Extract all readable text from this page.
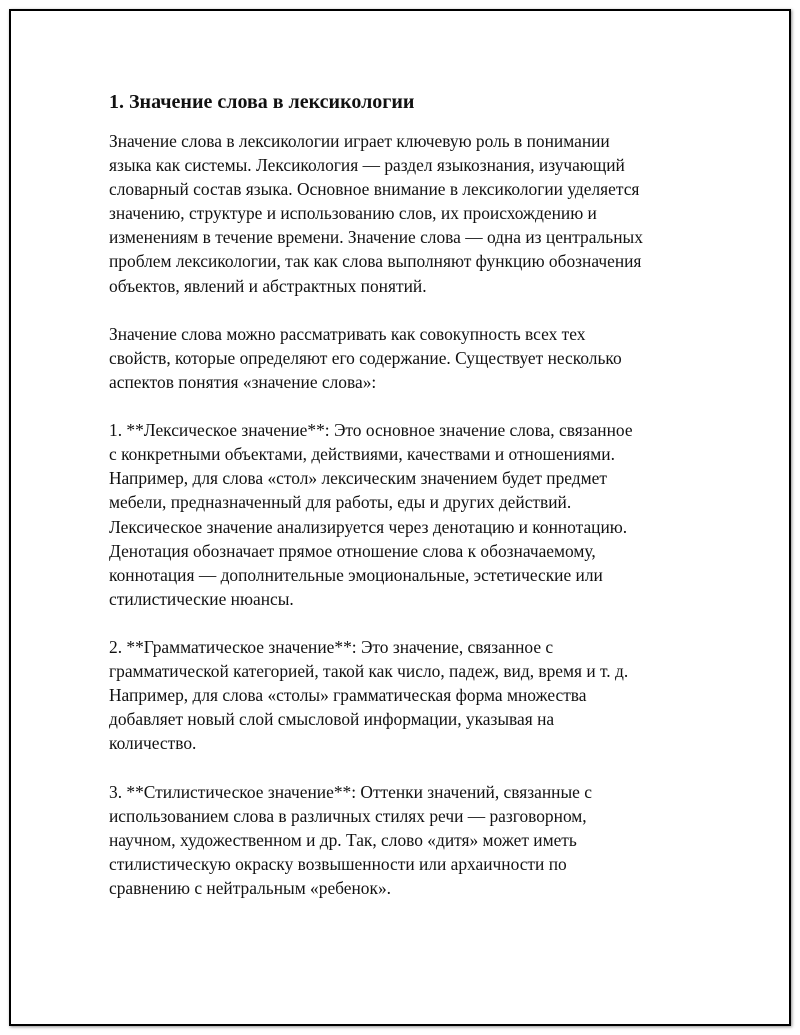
1. Значение слова в лексикологии
Значение слова в лексикологии играет ключевую роль в понимании
языка как системы. Лексикология — раздел языкознания, изучающий
словарный состав языка. Основное внимание в лексикологии уделяется
значению, структуре и использованию слов, их происхождению и
изменениям в течение времени. Значение слова — одна из центральных
проблем лексикологии, так как слова выполняют функцию обозначения
объектов, явлений и абстрактных понятий.
Значение слова можно рассматривать как совокупность всех тех
свойств, которые определяют его содержание. Существует несколько
аспектов понятия «значение слова»:
1. **Лексическое значение**: Это основное значение слова, связанное
с конкретными объектами, действиями, качествами и отношениями.
Например, для слова «стол» лексическим значением будет предмет
мебели, предназначенный для работы, еды и других действий.
Лексическое значение анализируется через денотацию и коннотацию.
Денотация обозначает прямое отношение слова к обозначаемому,
коннотация — дополнительные эмоциональные, эстетические или
стилистические нюансы.
2. **Грамматическое значение**: Это значение, связанное с
грамматической категорией, такой как число, падеж, вид, время и т. д.
Например, для слова «столы» грамматическая форма множества
добавляет новый слой смысловой информации, указывая на
количество.
3. **Стилистическое значение**: Оттенки значений, связанные с
использованием слова в различных стилях речи — разговорном,
научном, художественном и др. Так, слово «дитя» может иметь
стилистическую окраску возвышенности или архаичности по
сравнению с нейтральным «ребенок».
